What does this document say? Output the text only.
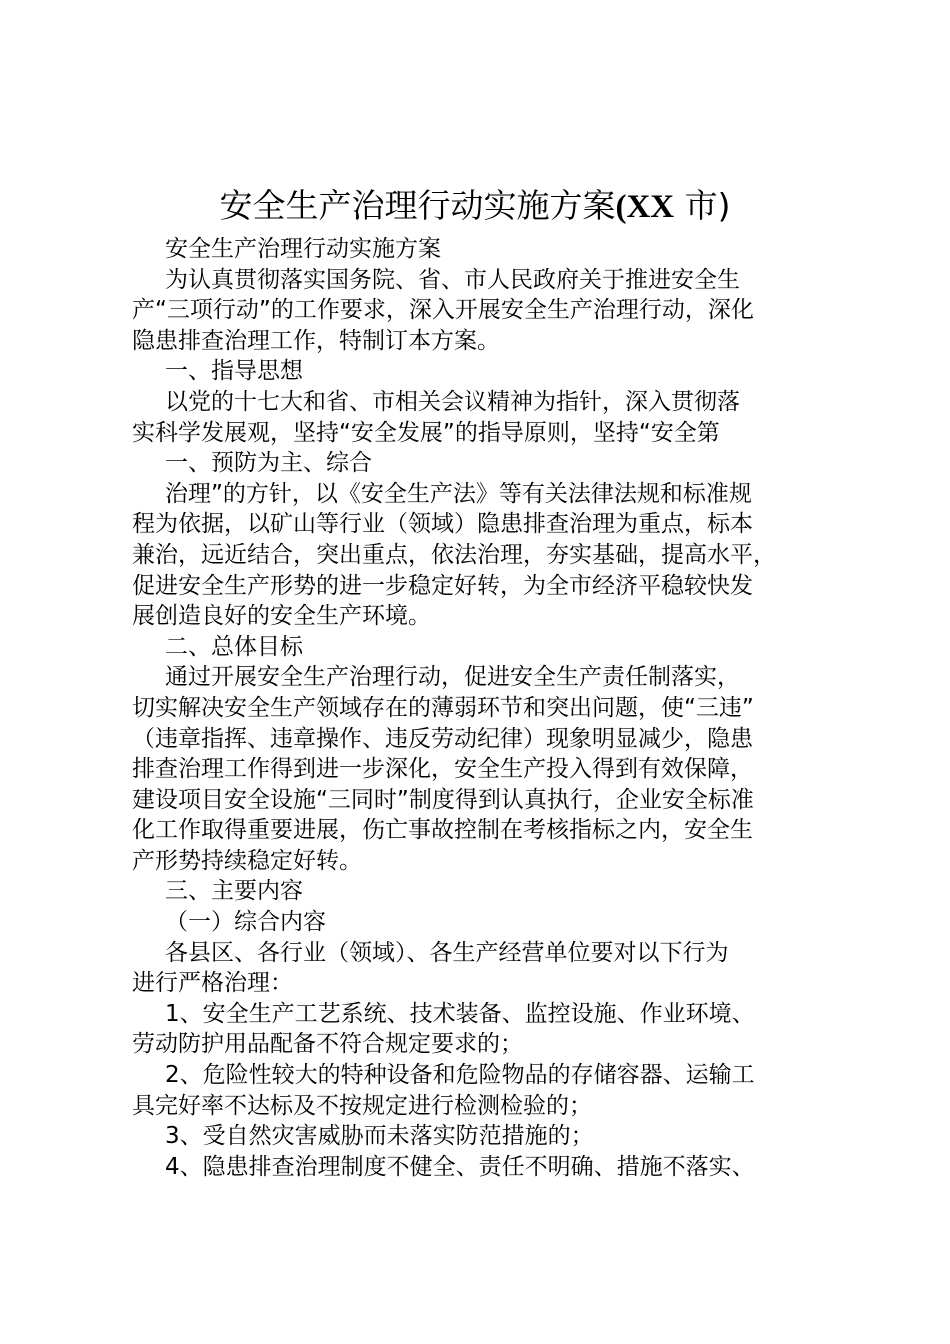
安全生产治理行动实施方案(XX 市)
安全生产治理行动实施方案
为认真贯彻落实国务院、省、市人民政府关于推进安全生
产“三项行动”的工作要求，深入开展安全生产治理行动，深化
隐患排查治理工作，特制订本方案。
一、指导思想
以党的十七大和省、市相关会议精神为指针，深入贯彻落
实科学发展观，坚持“安全发展”的指导原则，坚持“安全第
一、预防为主、综合
治理”的方针，以《安全生产法》等有关法律法规和标准规
程为依据，以矿山等行业（领域）隐患排查治理为重点，标本
兼治，远近结合，突出重点，依法治理，夯实基础，提高水平，
促进安全生产形势的进一步稳定好转，为全市经济平稳较快发
展创造良好的安全生产环境。
二、总体目标
通过开展安全生产治理行动，促进安全生产责任制落实，
切实解决安全生产领域存在的薄弱环节和突出问题，使“三违”
（违章指挥、违章操作、违反劳动纪律）现象明显减少，隐患
排查治理工作得到进一步深化，安全生产投入得到有效保障，
建设项目安全设施“三同时”制度得到认真执行，企业安全标准
化工作取得重要进展，伤亡事故控制在考核指标之内，安全生
产形势持续稳定好转。
三、主要内容
（一）综合内容
各县区、各行业（领域）、各生产经营单位要对以下行为
进行严格治理：
1、安全生产工艺系统、技术装备、监控设施、作业环境、
劳动防护用品配备不符合规定要求的；
2、危险性较大的特种设备和危险物品的存储容器、运输工
具完好率不达标及不按规定进行检测检验的；
3、受自然灾害威胁而未落实防范措施的；
4、隐患排查治理制度不健全、责任不明确、措施不落实、
